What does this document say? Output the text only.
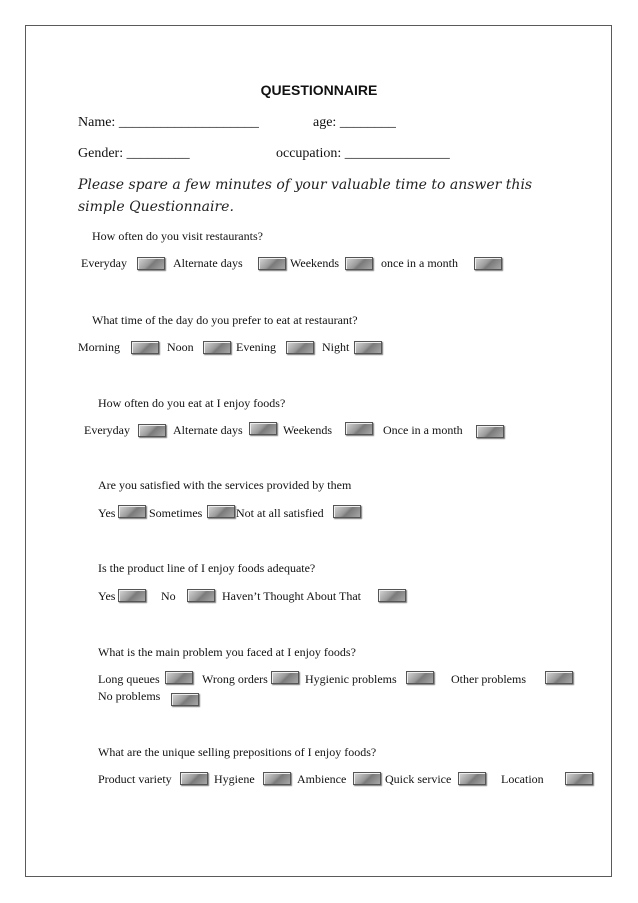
QUESTIONNAIRE
Name: ____________________	age: ________
Gender: _________	occupation: _______________
Please spare a few minutes of your valuable time to answer this simple Questionnaire.
How often do you visit restaurants?
Everyday	Alternate days	Weekends	once in a month
What time of the day do you prefer to eat at restaurant?
Morning	Noon	Evening	Night
How often do you eat at I enjoy foods?
Everyday	Alternate days	Weekends	Once in a month
Are you satisfied with the services provided by them
Yes	Sometimes	Not at all satisfied
Is the product line of I enjoy foods adequate?
Yes	No	Haven’t Thought About That
What is the main problem you faced at I enjoy foods?
Long queues	Wrong orders	Hygienic problems	Other problems
No problems
What are the unique selling prepositions of I enjoy foods?
Product variety	Hygiene	Ambience	Quick service	Location
